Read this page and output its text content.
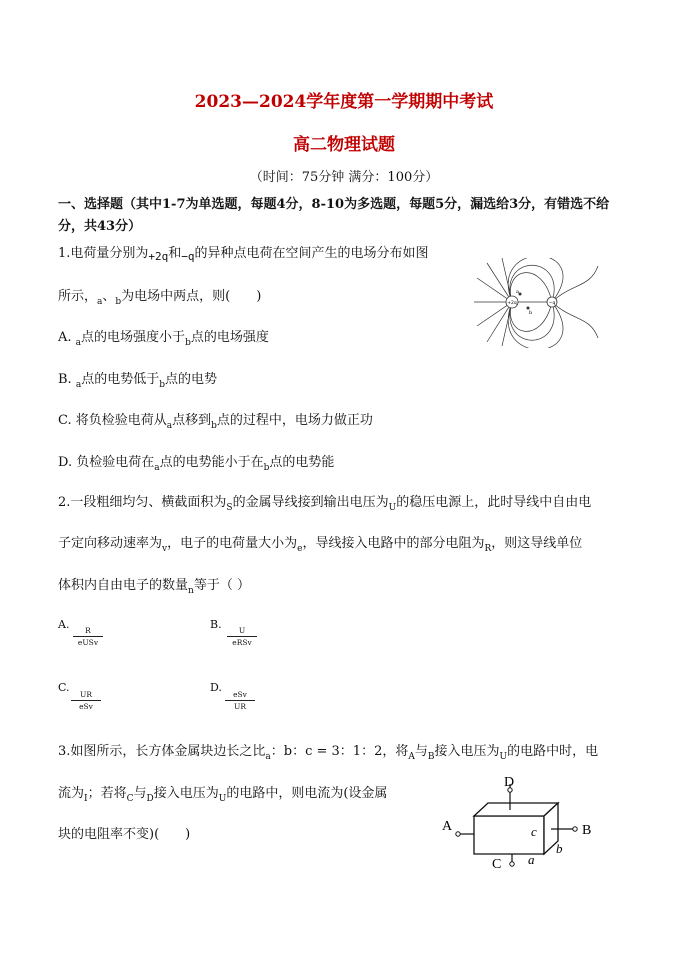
2023—2024学年度第一学期期中考试
高二物理试题
（时间：75分钟 满分：100分）
一、选择题（其中1-7为单选题，每题4分，8-10为多选题，每题5分，漏选给3分，有错选不给
分，共43分）
1.电荷量分别为$_{+2q}$和$_{-q}$的异种点电荷在空间产生的电场分布如图
所示，$_a$、$_b$为电场中两点，则(　　)
A. $_a$点的电场强度小于$_b$点的电场强度
B. $_a$点的电势低于$_b$点的电势
C. 将负检验电荷从$_a$点移到$_b$点的过程中，电场力做正功
D. 负检验电荷在$_a$点的电势能小于在$_b$点的电势能
+2q	−q
a
b
2.一段粗细均匀、横截面积为$_S$的金属导线接到输出电压为$_U$的稳压电源上，此时导线中自由电
子定向移动速率为$_v$，电子的电荷量大小为$_e$，导线接入电路中的部分电阻为$_R$，则这导线单位
体积内自由电子的数量$_n$等于（ ）
A.	R
eUSv
B.	U
eRSv
C.
UR
eSv
D.
eSv
UR
3.如图所示，长方体金属块边长之比$_a$：b：c = 3：1：2，将$_A$与$_B$接入电压为$_U$的电路中时，电
流为$_I$；若将$_C$与$_D$接入电压为$_U$的电路中，则电流为(设金属
块的电阻率不变)(　　)
D
C
A	B
c
b
a
